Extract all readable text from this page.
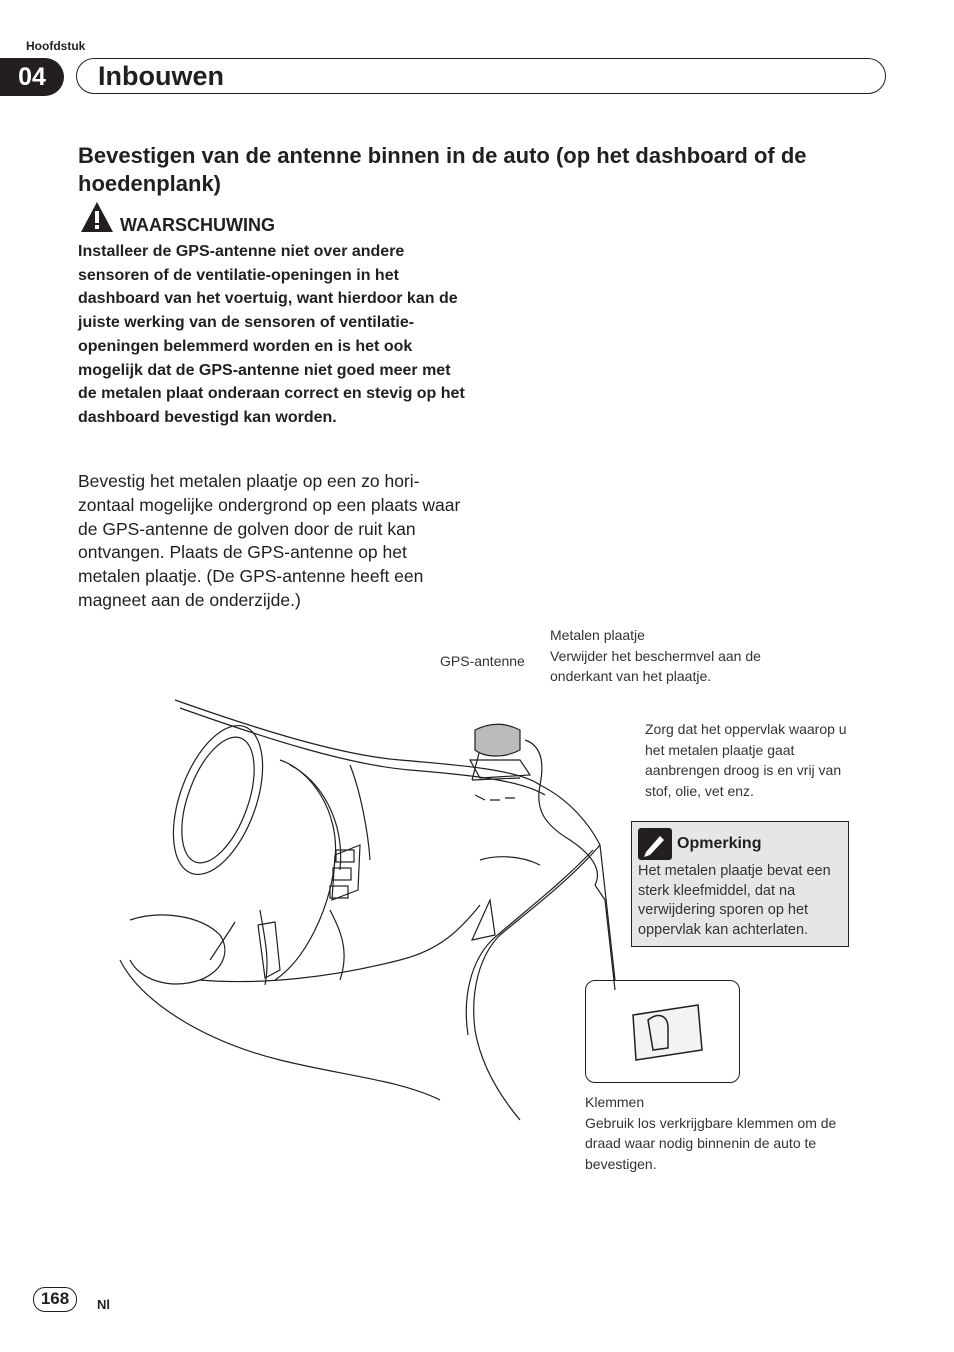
Hoofdstuk
04	Inbouwen
Bevestigen van de antenne binnen in de auto (op het dashboard of de hoedenplank)
WAARSCHUWING
Installeer de GPS-antenne niet over andere sensoren of de ventilatie-openingen in het dashboard van het voertuig, want hierdoor kan de juiste werking van de sensoren of ventilatie-openingen belemmerd worden en is het ook mogelijk dat de GPS-antenne niet goed meer met de metalen plaat onderaan correct en stevig op het dashboard bevestigd kan worden.
Bevestig het metalen plaatje op een zo hori- zontaal mogelijke ondergrond op een plaats waar de GPS-antenne de golven door de ruit kan ontvangen. Plaats de GPS-antenne op het metalen plaatje. (De GPS-antenne heeft een magneet aan de onderzijde.)
GPS-antenne
Metalen plaatje
Verwijder het beschermvel aan de onderkant van het plaatje.
Zorg dat het oppervlak waarop u het metalen plaatje gaat aanbrengen droog is en vrij van stof, olie, vet enz.
Opmerking
Het metalen plaatje bevat een sterk kleefmiddel, dat na verwijdering sporen op het oppervlak kan achterlaten.
Klemmen
Gebruik los verkrijgbare klemmen om de draad waar nodig binnenin de auto te bevestigen.
168	Nl
